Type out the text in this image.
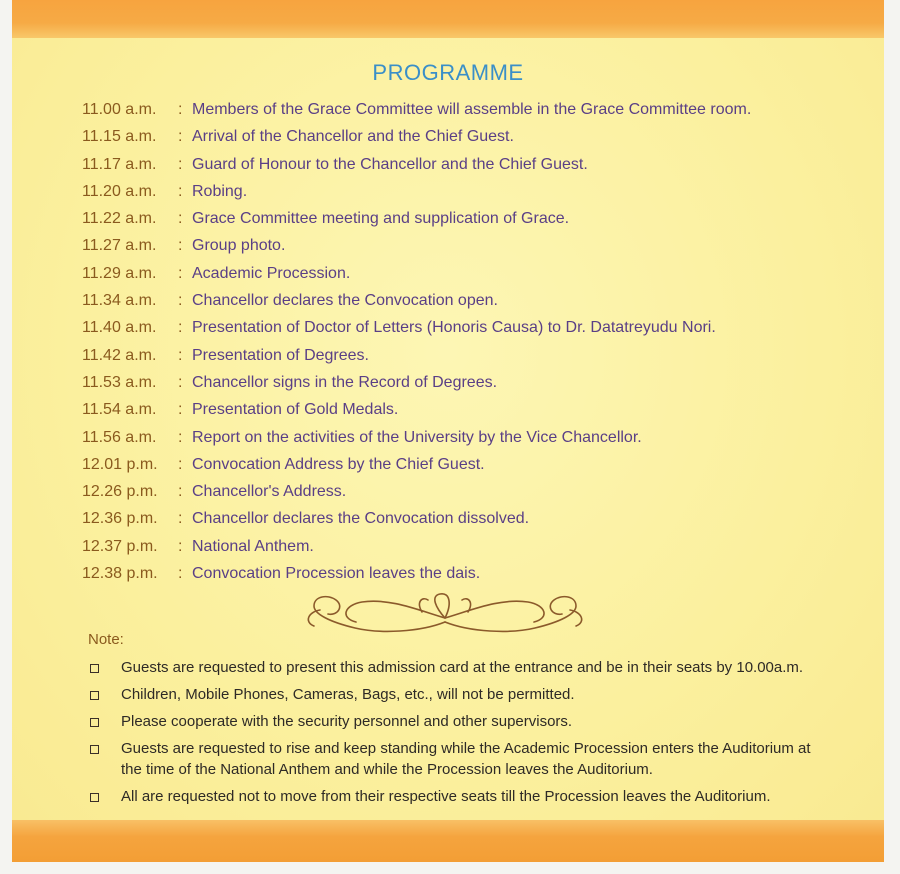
PROGRAMME
11.00 a.m.	: Members of the Grace Committee will assemble in the Grace Committee room.
11.15 a.m.	: Arrival of the Chancellor and the Chief Guest.
11.17 a.m.	: Guard of Honour to the Chancellor and the Chief Guest.
11.20 a.m.	: Robing.
11.22 a.m.	: Grace Committee meeting and supplication of Grace.
11.27 a.m.	: Group photo.
11.29 a.m.	: Academic Procession.
11.34 a.m.	: Chancellor declares the Convocation open.
11.40 a.m.	: Presentation of Doctor of Letters (Honoris Causa) to Dr. Datatreyudu Nori.
11.42 a.m.	: Presentation of Degrees.
11.53 a.m.	: Chancellor signs in the Record of Degrees.
11.54 a.m.	: Presentation of Gold Medals.
11.56 a.m.	: Report on the activities of the University by the Vice Chancellor.
12.01 p.m.	: Convocation Address by the Chief Guest.
12.26 p.m.	: Chancellor's Address.
12.36 p.m.	: Chancellor declares the Convocation dissolved.
12.37 p.m.	: National Anthem.
12.38 p.m.	: Convocation Procession leaves the dais.
Note:
Guests are requested to present this admission card at the entrance and be in their seats by 10.00a.m.
Children, Mobile Phones, Cameras, Bags, etc., will not be permitted.
Please cooperate with the security personnel and other supervisors.
Guests are requested to rise and keep standing while the Academic Procession enters the Auditorium at the time of the National Anthem and while the Procession leaves the Auditorium.
All are requested not to move from their respective seats till the Procession leaves the Auditorium.
